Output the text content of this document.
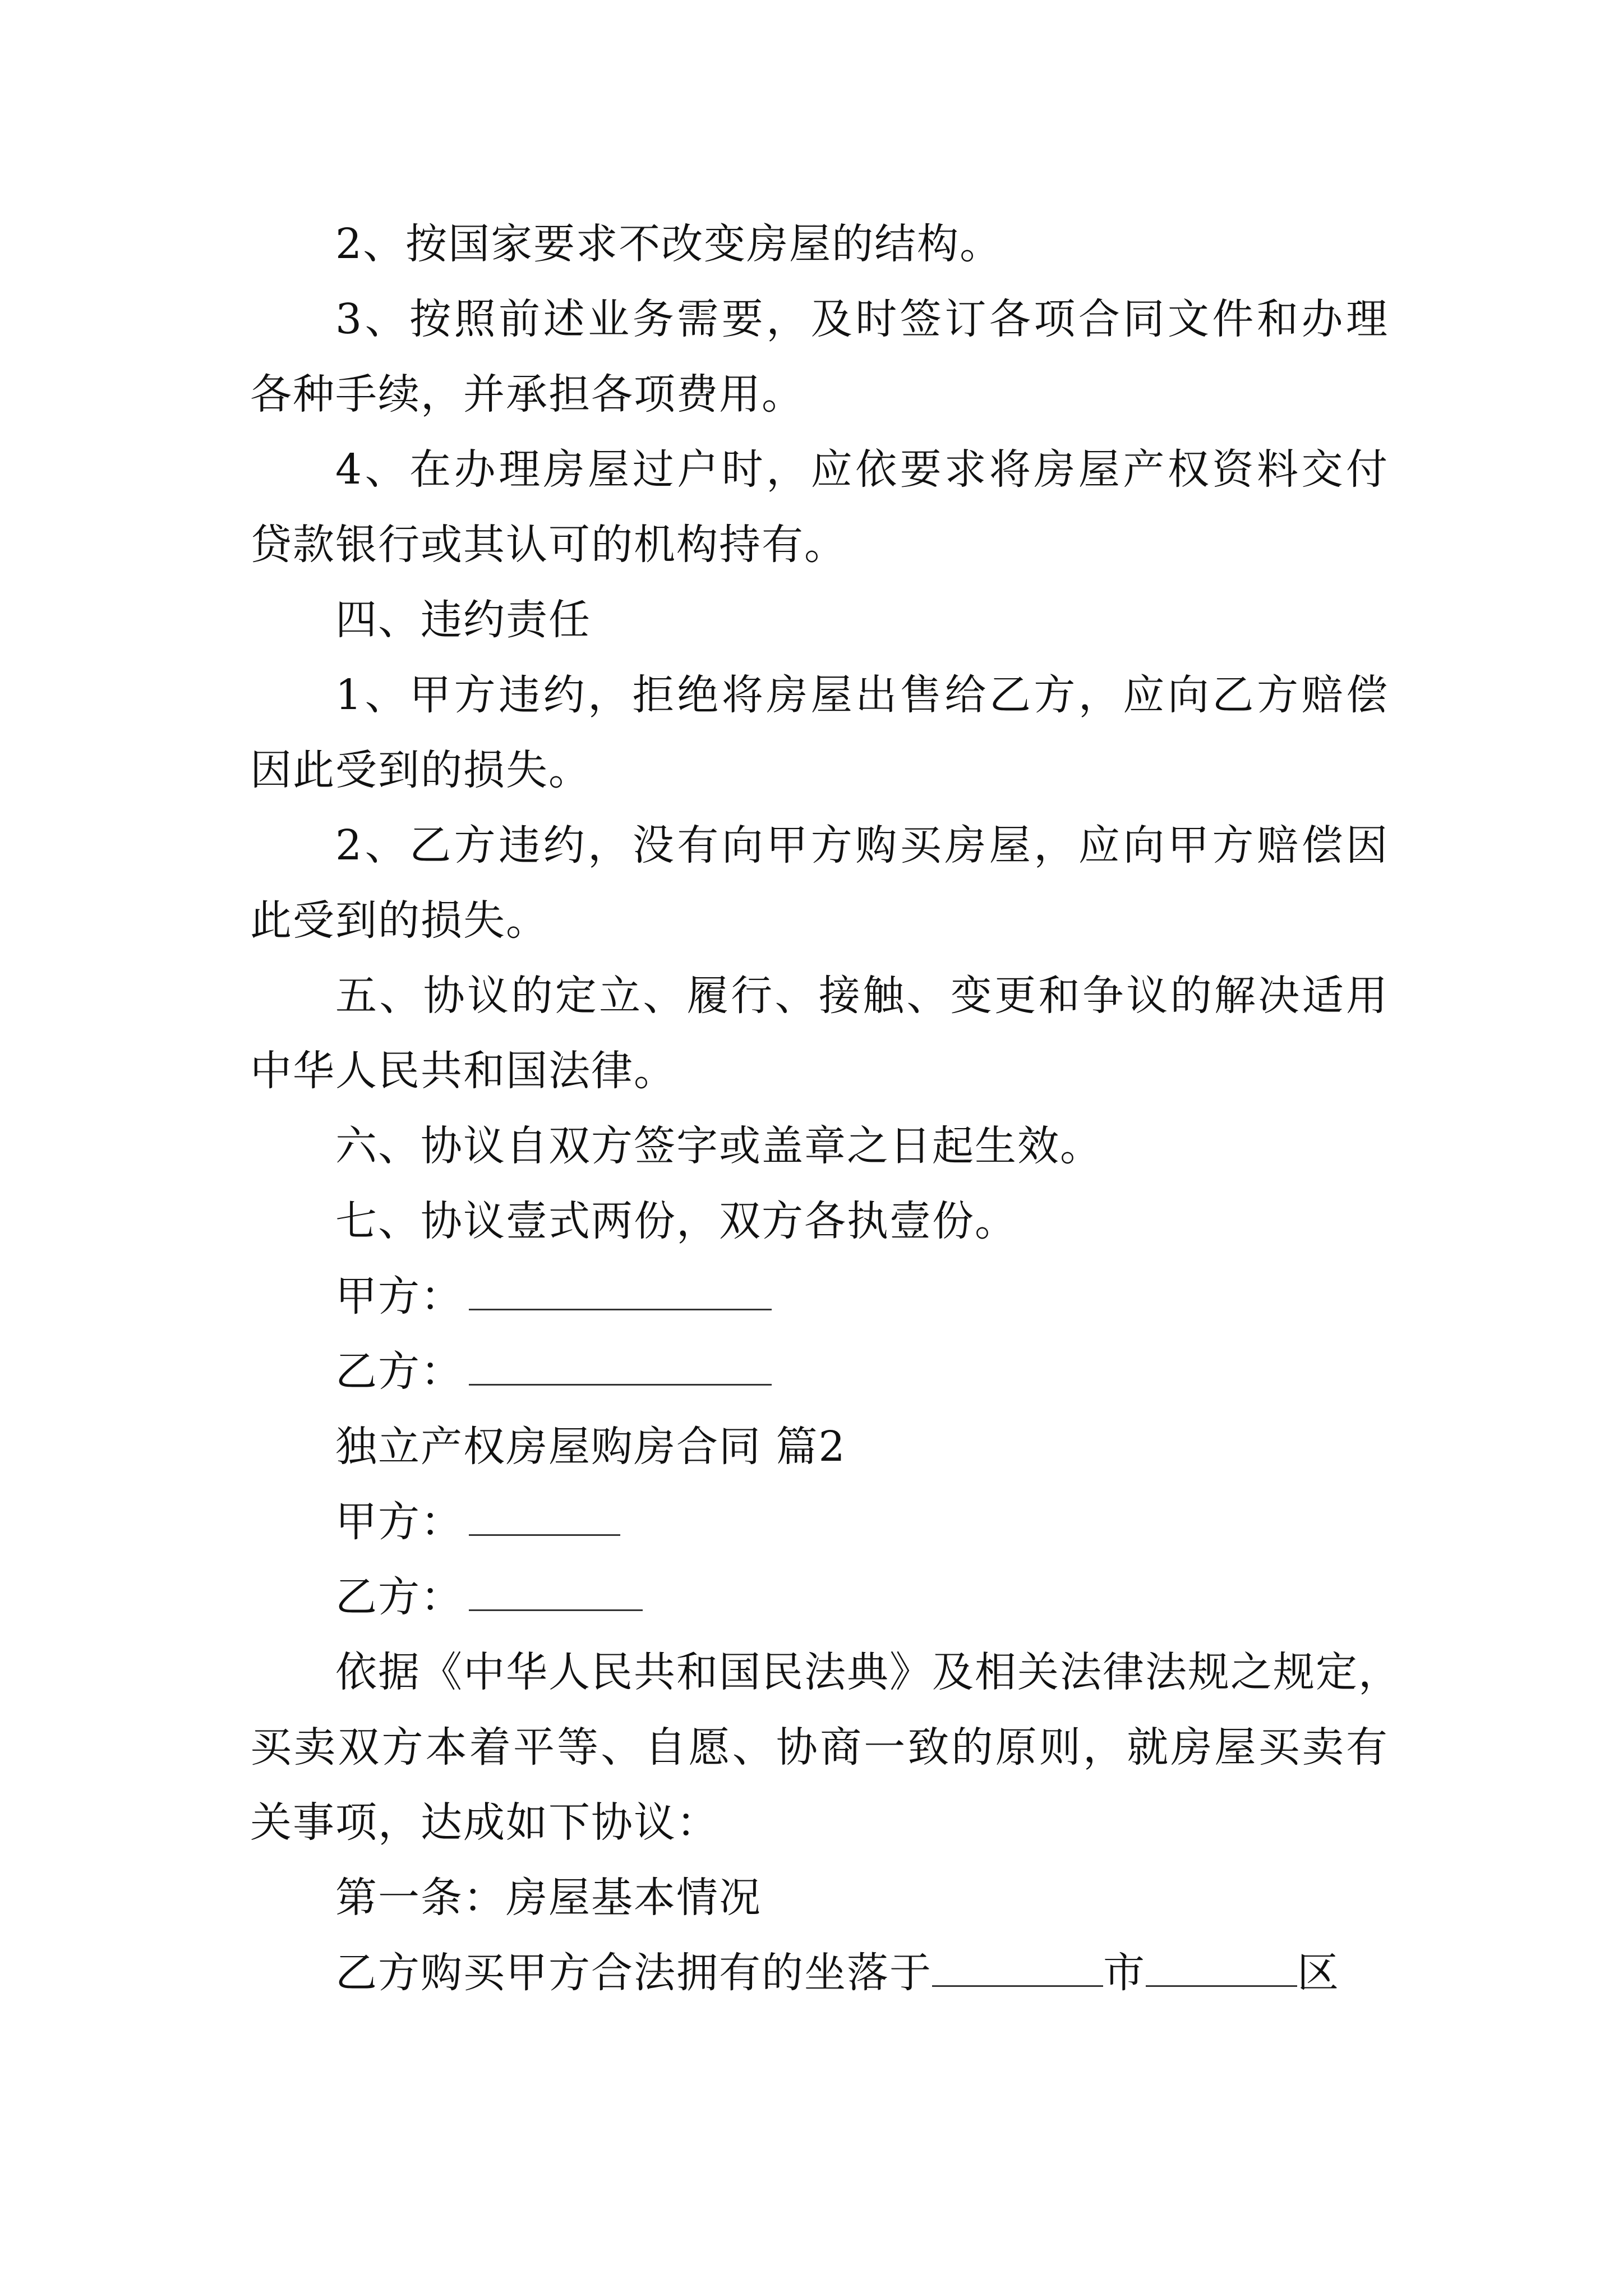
2、按国家要求不改变房屋的结构。
3、按照前述业务需要，及时签订各项合同文件和办理
各种手续，并承担各项费用。
4、在办理房屋过户时，应依要求将房屋产权资料交付
贷款银行或其认可的机构持有。
四、违约责任
1、甲方违约，拒绝将房屋出售给乙方，应向乙方赔偿
因此受到的损失。
2、乙方违约，没有向甲方购买房屋，应向甲方赔偿因
此受到的损失。
五、协议的定立、履行、接触、变更和争议的解决适用
中华人民共和国法律。
六、协议自双方签字或盖章之日起生效。
七、协议壹式两份，双方各执壹份。
甲方：
乙方：
独立产权房屋购房合同 篇2
甲方：
乙方：
依据《中华人民共和国民法典》及相关法律法规之规定，
买卖双方本着平等、自愿、协商一致的原则，就房屋买卖有
关事项，达成如下协议：
第一条：房屋基本情况
乙方购买甲方合法拥有的坐落于	市	区
